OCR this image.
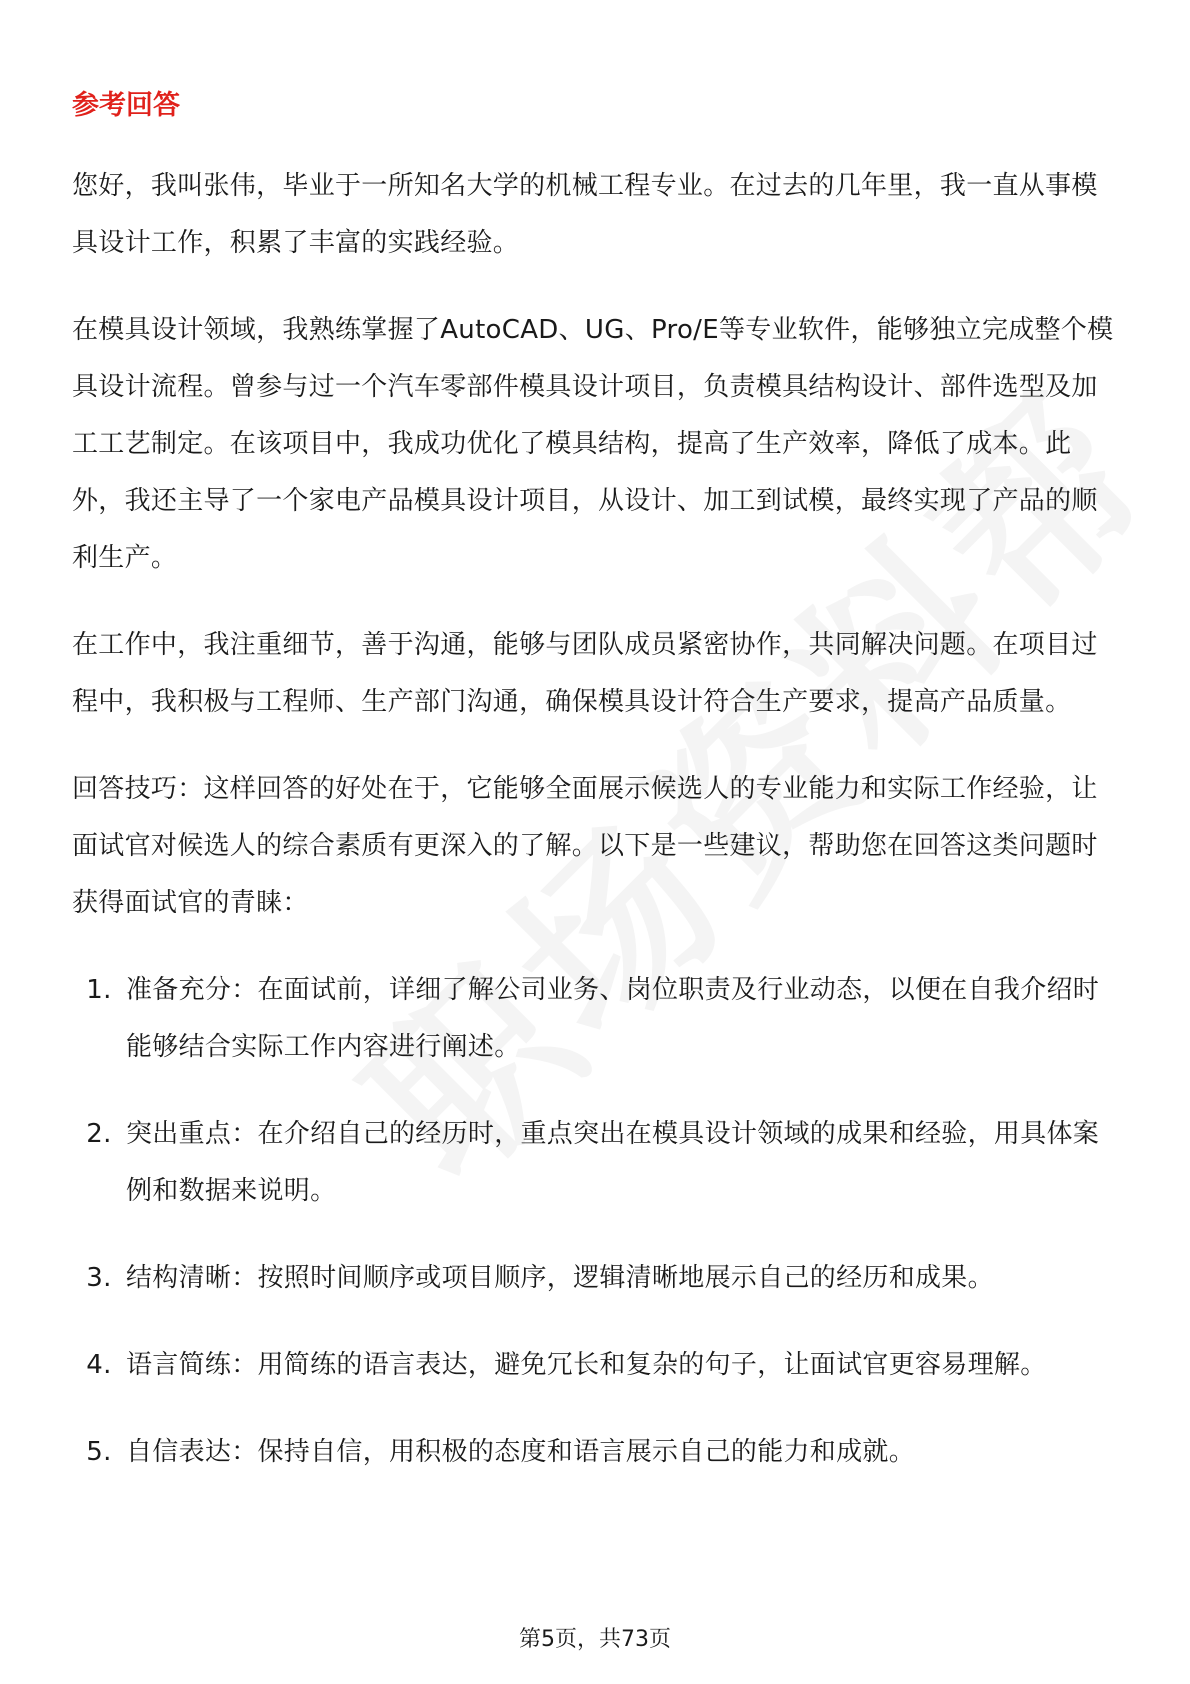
参考回答

您好，我叫张伟，毕业于一所知名大学的机械工程专业。在过去的几年里，我一直从事模具设计工作，积累了丰富的实践经验。

在模具设计领域，我熟练掌握了AutoCAD、UG、Pro/E等专业软件，能够独立完成整个模具设计流程。曾参与过一个汽车零部件模具设计项目，负责模具结构设计、部件选型及加工工艺制定。在该项目中，我成功优化了模具结构，提高了生产效率，降低了成本。此外，我还主导了一个家电产品模具设计项目，从设计、加工到试模，最终实现了产品的顺利生产。

在工作中，我注重细节，善于沟通，能够与团队成员紧密协作，共同解决问题。在项目过程中，我积极与工程师、生产部门沟通，确保模具设计符合生产要求，提高产品质量。

回答技巧：这样回答的好处在于，它能够全面展示候选人的专业能力和实际工作经验，让面试官对候选人的综合素质有更深入的了解。以下是一些建议，帮助您在回答这类问题时获得面试官的青睐：

1. 准备充分：在面试前，详细了解公司业务、岗位职责及行业动态，以便在自我介绍时能够结合实际工作内容进行阐述。
2. 突出重点：在介绍自己的经历时，重点突出在模具设计领域的成果和经验，用具体案例和数据来说明。
3. 结构清晰：按照时间顺序或项目顺序，逻辑清晰地展示自己的经历和成果。
4. 语言简练：用简练的语言表达，避免冗长和复杂的句子，让面试官更容易理解。
5. 自信表达：保持自信，用积极的态度和语言展示自己的能力和成就。
第5页，共73页
